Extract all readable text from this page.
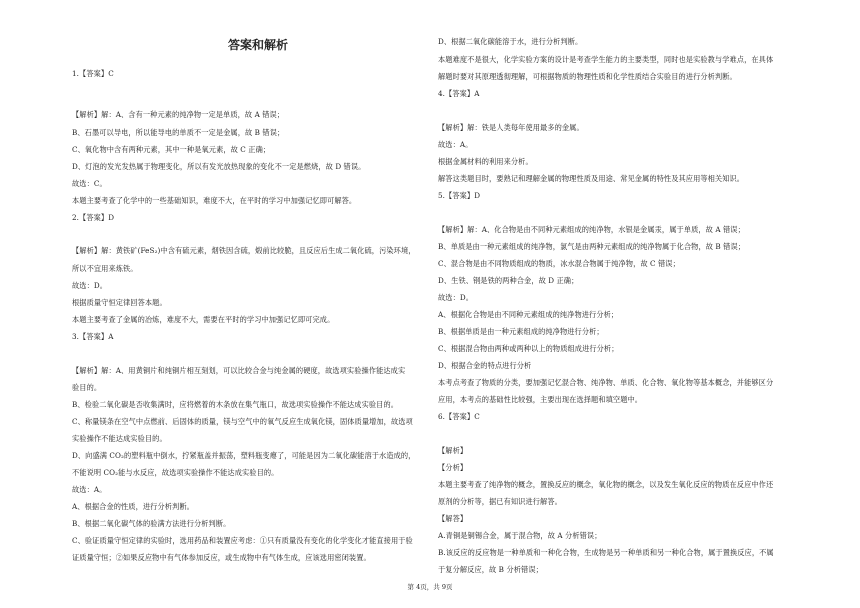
答案和解析
1.【答案】C
【解析】解：A、含有一种元素的纯净物一定是单质，故 A 错误；
B、石墨可以导电，所以能导电的单质不一定是金属，故 B 错误；
C、氧化物中含有两种元素，其中一种是氧元素，故 C 正确；
D、灯泡的发光发热属于物理变化，所以有发光放热现象的变化不一定是燃烧，故 D 错误。
故选：C。
本题主要考查了化学中的一些基础知识，难度不大，在平时的学习中加强记忆即可解答。
2.【答案】D
【解析】解：黄铁矿(FeS₂)中含有硫元素，烟铁因含硫，煅前比较脆，且反应后生成二氧化硫，污染环境，
所以不宜用来炼铁。
故选：D。
根据质量守恒定律回答本题。
本题主要考查了金属的冶炼，难度不大，需要在平时的学习中加强记忆即可完成。
3.【答案】A
【解析】解：A、用黄铜片和纯铜片相互刻划，可以比较合金与纯金属的硬度，故选项实验操作能达成实
验目的。
B、检验二氧化碳是否收集满时，应将燃着的木条放在集气瓶口，故选项实验操作不能达成实验目的。
C、称量镁条在空气中点燃前、后固体的质量，镁与空气中的氧气反应生成氧化镁，固体质量增加，故选项
实验操作不能达成实验目的。
D、向盛满 CO₂的塑料瓶中倒水，拧紧瓶盖并振荡，塑料瓶变瘪了，可能是因为二氧化碳能溶于水造成的，
不能说明 CO₂能与水反应，故选项实验操作不能达成实验目的。
故选：A。
A、根据合金的性质，进行分析判断。
B、根据二氧化碳气体的验满方法进行分析判断。
C、验证质量守恒定律的实验时，选用药品和装置应考虑：①只有质量没有变化的化学变化才能直接用于验
证质量守恒；②如果反应物中有气体参加反应，或生成物中有气体生成，应该选用密闭装置。
D、根据二氧化碳能溶于水，进行分析判断。
本题难度不是很大，化学实验方案的设计是考查学生能力的主要类型，同时也是实验教与学难点，在具体
解题时要对其原理透彻理解，可根据物质的物理性质和化学性质结合实验目的进行分析判断。
4.【答案】A
【解析】解：铁是人类每年使用最多的金属。
故选：A。
根据金属材料的利用来分析。
解答这类题目时，要熟记和理解金属的物理性质及用途、常见金属的特性及其应用等相关知识。
5.【答案】D
【解析】解：A、化合物是由不同种元素组成的纯净物，水银是金属汞，属于单质，故 A 错误；
B、单质是由一种元素组成的纯净物，氯气是由两种元素组成的纯净物属于化合物，故 B 错误；
C、混合物是由不同物质组成的物质，冰水混合物属于纯净物，故 C 错误；
D、生铁、钢是铁的两种合金，故 D 正确；
故选：D。
A、根据化合物是由不同种元素组成的纯净物进行分析；
B、根据单质是由一种元素组成的纯净物进行分析；
C、根据混合物由两种或两种以上的物质组成进行分析；
D、根据合金的特点进行分析
本考点考查了物质的分类，要加强记忆混合物、纯净物、单质、化合物、氧化物等基本概念，并能够区分
应用，本考点的基础性比较强，主要出现在选择题和填空题中。
6.【答案】C
【解析】
【分析】
本题主要考查了纯净物的概念，置换反应的概念，氧化物的概念，以及发生氧化反应的物质在反应中作还
原剂的分析等，据已有知识进行解答。
【解答】
A.青铜是铜锡合金，属于混合物，故 A 分析错误；
B.该反应的反应物是一种单质和一种化合物，生成物是另一种单质和另一种化合物，属于置换反应，不属
于复分解反应，故 B 分析错误；
第 4页，共 9页
